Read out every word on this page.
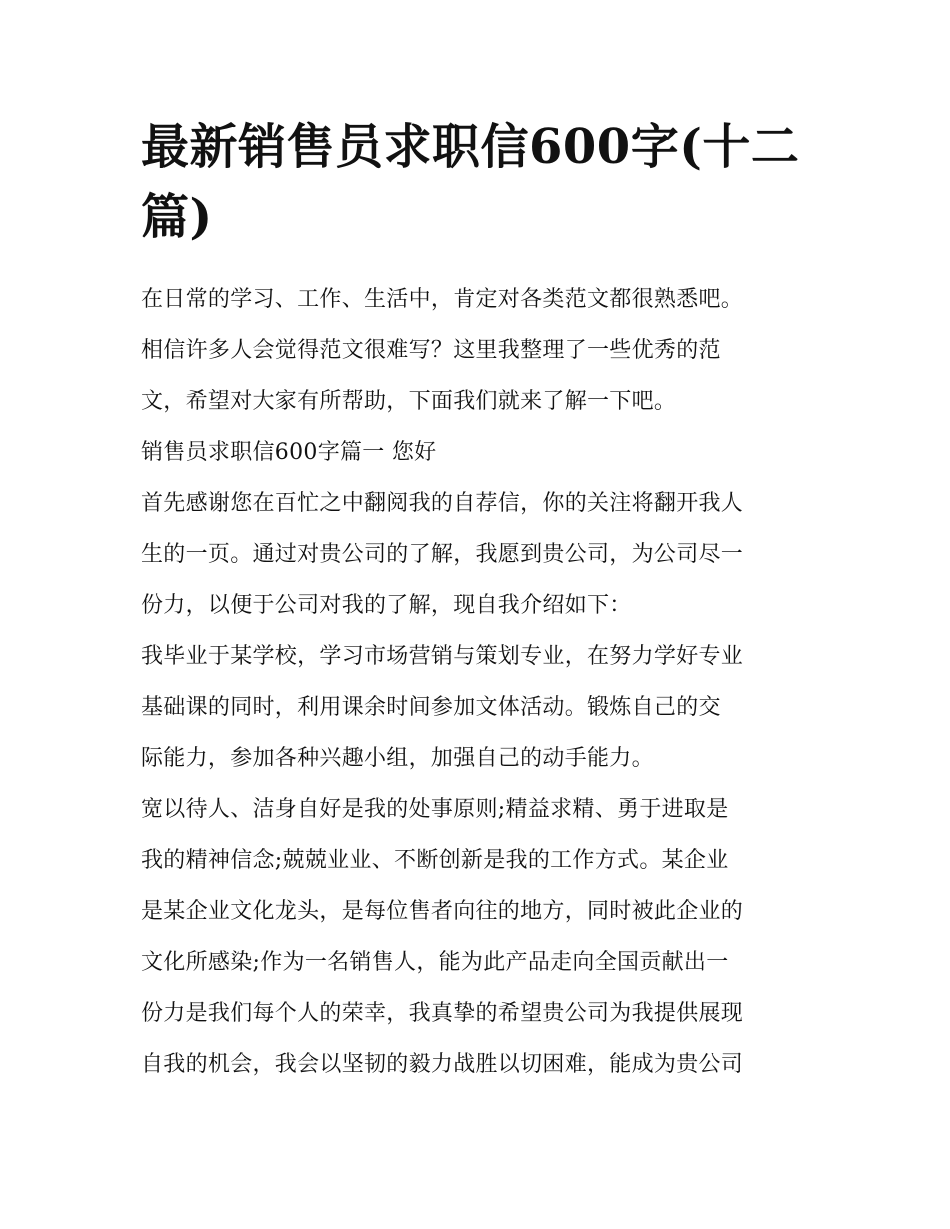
最新销售员求职信600字(十二
篇)

在日常的学习、工作、生活中，肯定对各类范文都很熟悉吧。
相信许多人会觉得范文很难写？这里我整理了一些优秀的范
文，希望对大家有所帮助，下面我们就来了解一下吧。

销售员求职信600字篇一 您好

首先感谢您在百忙之中翻阅我的自荐信，你的关注将翻开我人
生的一页。通过对贵公司的了解，我愿到贵公司，为公司尽一
份力，以便于公司对我的了解，现自我介绍如下：

我毕业于某学校，学习市场营销与策划专业，在努力学好专业
基础课的同时，利用课余时间参加文体活动。锻炼自己的交
际能力，参加各种兴趣小组，加强自己的动手能力。

宽以待人、洁身自好是我的处事原则;精益求精、勇于进取是
我的精神信念;兢兢业业、不断创新是我的工作方式。某企业
是某企业文化龙头，是每位售者向往的地方，同时被此企业的
文化所感染;作为一名销售人，能为此产品走向全国贡献出一
份力是我们每个人的荣幸，我真挚的希望贵公司为我提供展现
自我的机会，我会以坚韧的毅力战胜以切困难，能成为贵公司
